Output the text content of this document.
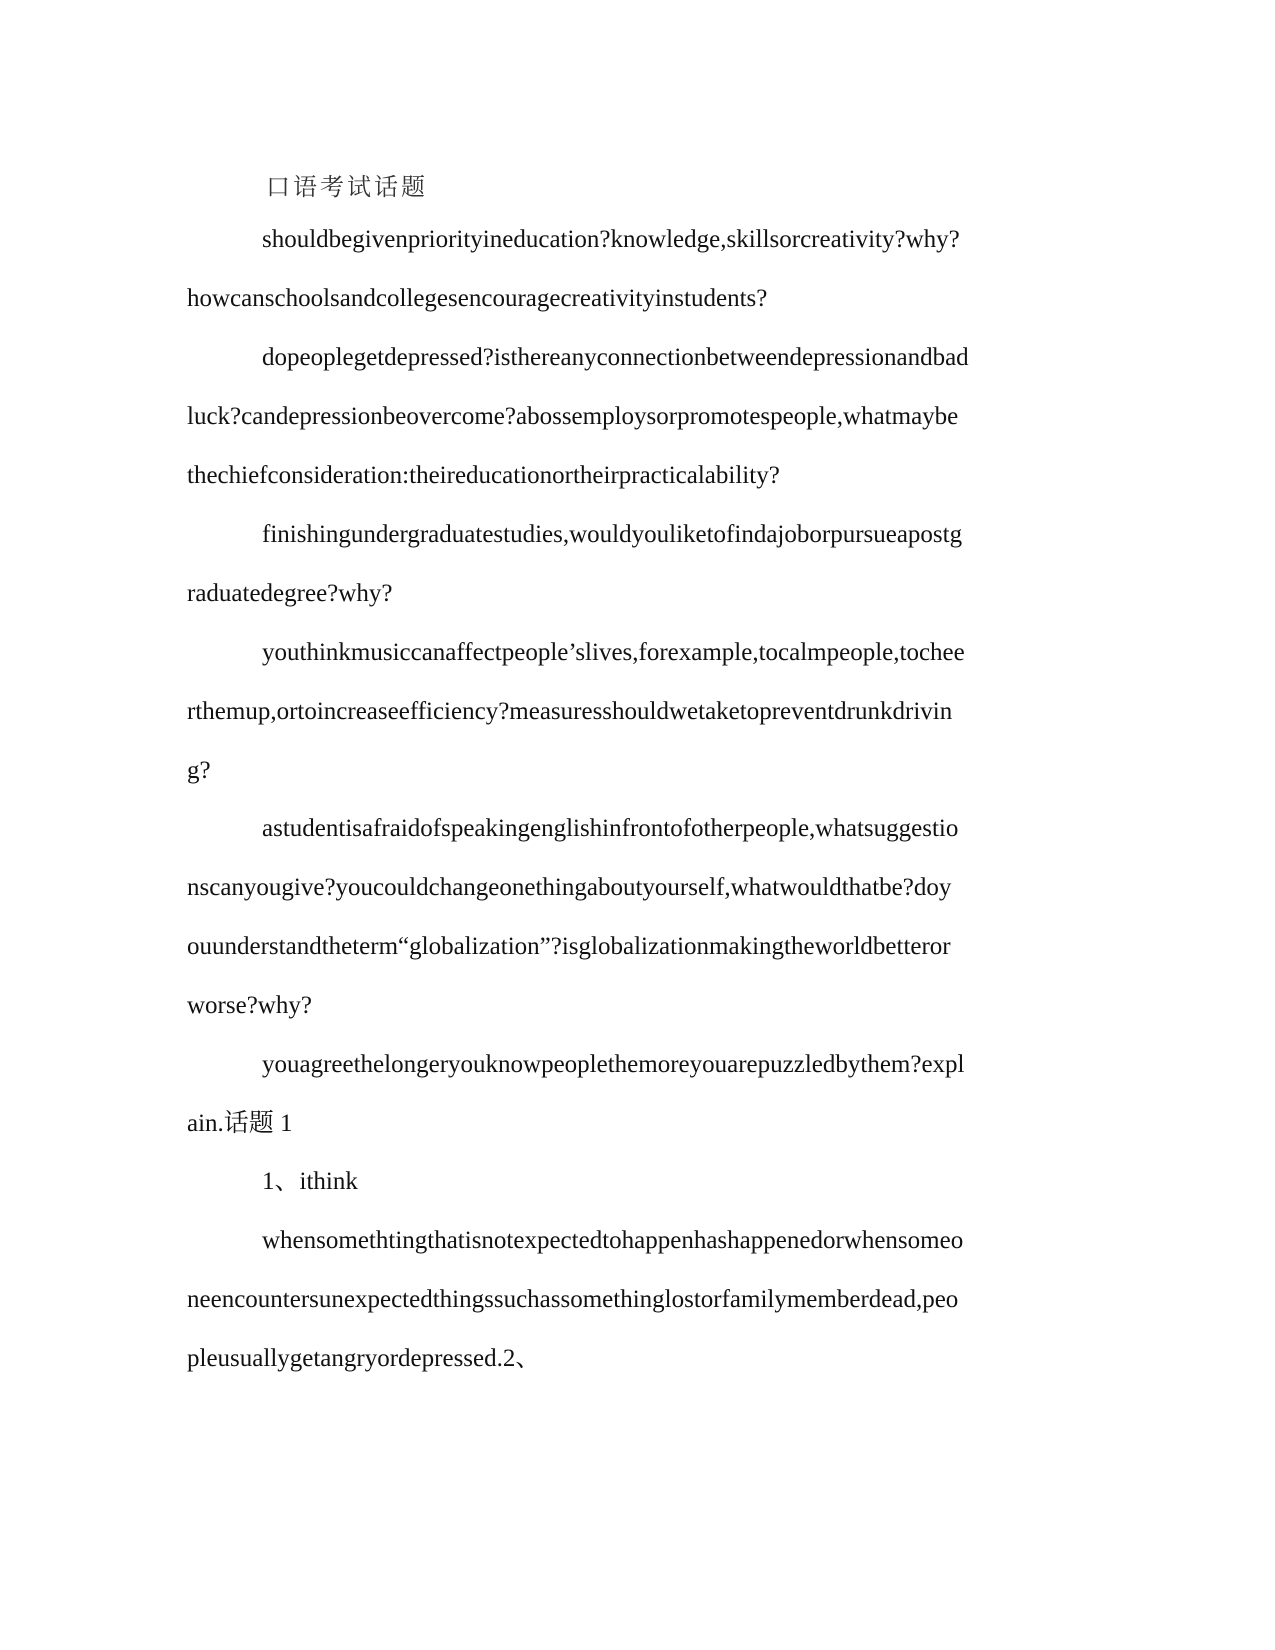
口语考试话题
shouldbegivenpriorityineducation?knowledge,skillsorcreativity?why?
howcanschoolsandcollegesencouragecreativityinstudents?
dopeoplegetdepressed?isthereanyconnectionbetweendepressionandbad
luck?candepressionbeovercome?abossemploysorpromotespeople,whatmaybe
thechiefconsideration:theireducationortheirpracticalability?
finishingundergraduatestudies,wouldyouliketofindajoborpursueapostg
raduatedegree?why?
youthinkmusiccanaffectpeople’slives,forexample,tocalmpeople,tochee
rthemup,ortoincreaseefficiency?measuresshouldwetaketopreventdrunkdrivin
g?
astudentisafraidofspeakingenglishinfrontofotherpeople,whatsuggestio
nscanyougive?youcouldchangeonethingaboutyourself,whatwouldthatbe?doy
ouunderstandtheterm“globalization”?isglobalizationmakingtheworldbetteror
worse?why?
youagreethelongeryouknowpeoplethemoreyouarepuzzledbythem?expl
ain.话题 1
1、ithink
whensomethtingthatisnotexpectedtohappenhashappenedorwhensomeo
neencountersunexpectedthingssuchassomethinglostorfamilymemberdead,peo
pleusuallygetangryordepressed.2、
